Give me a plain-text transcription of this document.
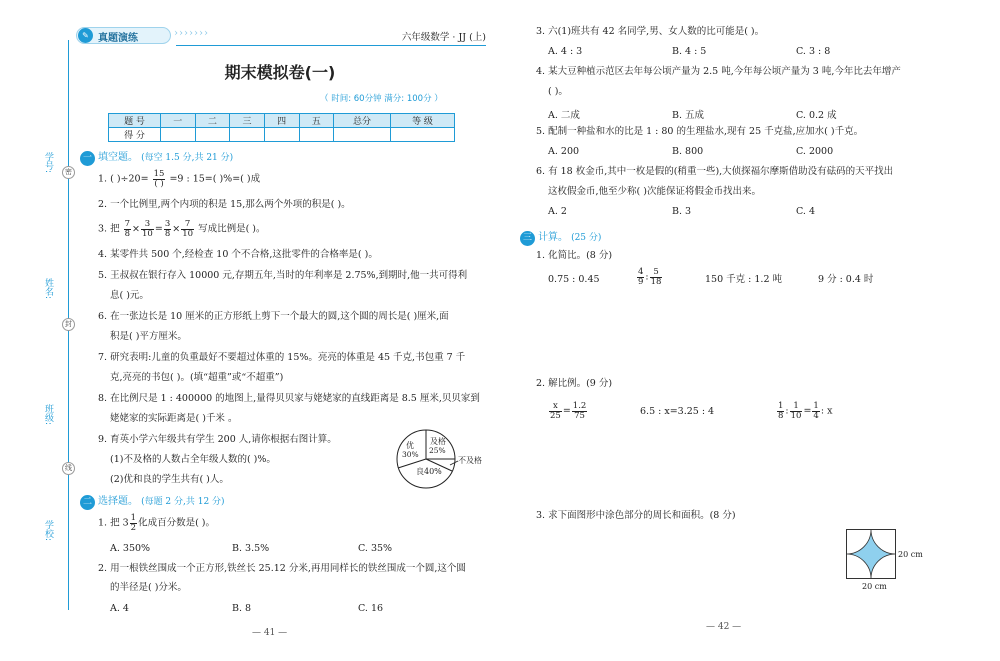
学号:
姓名:
班级:
学校:
密
封
线
✎ 真题演练	›››››››	六年级数学 · JJ (上)
期末模拟卷(一)
（ 时间: 60分钟 满分: 100分 ）
题 号	一	二	三	四	五	总分	等 级
得 分							
一 填空题。 (每空 1.5 分,共 21 分)
1. ( )$\div 20= \frac{15}{( )} =9$ : 15=( )%=( )成
2. 一个比例里,两个内项的积是 15,那么两个外项的积是( )。
3. 把 $\frac{7}{8} \times \frac{3}{10} = \frac{3}{8} \times \frac{7}{10}$ 写成比例是( )。
4. 某零件共 500 个,经检查 10 个不合格,这批零件的合格率是( )。
5. 王叔叔在银行存入 10000 元,存期五年,当时的年利率是 2.75%,到期时,他一共可得利
息( )元。
6. 在一张边长是 10 厘米的正方形纸上剪下一个最大的圆,这个圆的周长是( )厘米,面
积是( )平方厘米。
7. 研究表明:儿童的负重最好不要超过体重的 15%。亮亮的体重是 45 千克,书包重 7 千
克,亮亮的书包( )。(填“超重”或“不超重”)
8. 在比例尺是 1 : 400000 的地图上,量得贝贝家与姥姥家的直线距离是 8.5 厘米,贝贝家到
姥姥家的实际距离是( )千米 。
9. 育英小学六年级共有学生 200 人,请你根据右图计算。
(1)不及格的人数占全年级人数的( )%。
(2)优和良的学生共有( )人。
优
30%
及格
25%
良40%
不及格
二 选择题。 (每题 2 分,共 12 分)
1. 把 $3 \frac{1}{2}$ 化成百分数是( )。
A. 350%	B. 3.5%	C. 35%
2. 用一根铁丝围成一个正方形,铁丝长 25.12 分米,再用同样长的铁丝围成一个圆,这个圆
的半径是( )分米。
A. 4	B. 8	C. 16
— 41 —
3. 六(1)班共有 42 名同学,男、女人数的比可能是( )。
A. 4 : 3	B. 4 : 5	C. 3 : 8
4. 某大豆种植示范区去年每公顷产量为 2.5 吨,今年每公顷产量为 3 吨,今年比去年增产
( )。
A. 二成	B. 五成	C. 0.2 成
5. 配制一种盐和水的比是 1 : 80 的生理盐水,现有 25 千克盐,应加水( )千克。
A. 200	B. 800	C. 2000
6. 有 18 枚金币,其中一枚是假的(稍重一些),大侦探福尔摩斯借助没有砝码的天平找出
这枚假金币,他至少称( )次能保证将假金币找出来。
A. 2	B. 3	C. 4
三 计算。 (25 分)
1. 化简比。(8 分)
0.75 : 0.45	$\frac{4}{9}$ : $\frac{5}{18}$	150 千克 : 1.2 吨	9 分 : 0.4 时
2. 解比例。(9 分)
$\frac{x}{25} = \frac{1.2}{75}$	6.5 : x=3.25 : 4	$\frac{1}{8}$ : $\frac{1}{10} = \frac{1}{4}$ : x
3. 求下面图形中涂色部分的周长和面积。(8 分)
20 cm
20 cm
— 42 —
